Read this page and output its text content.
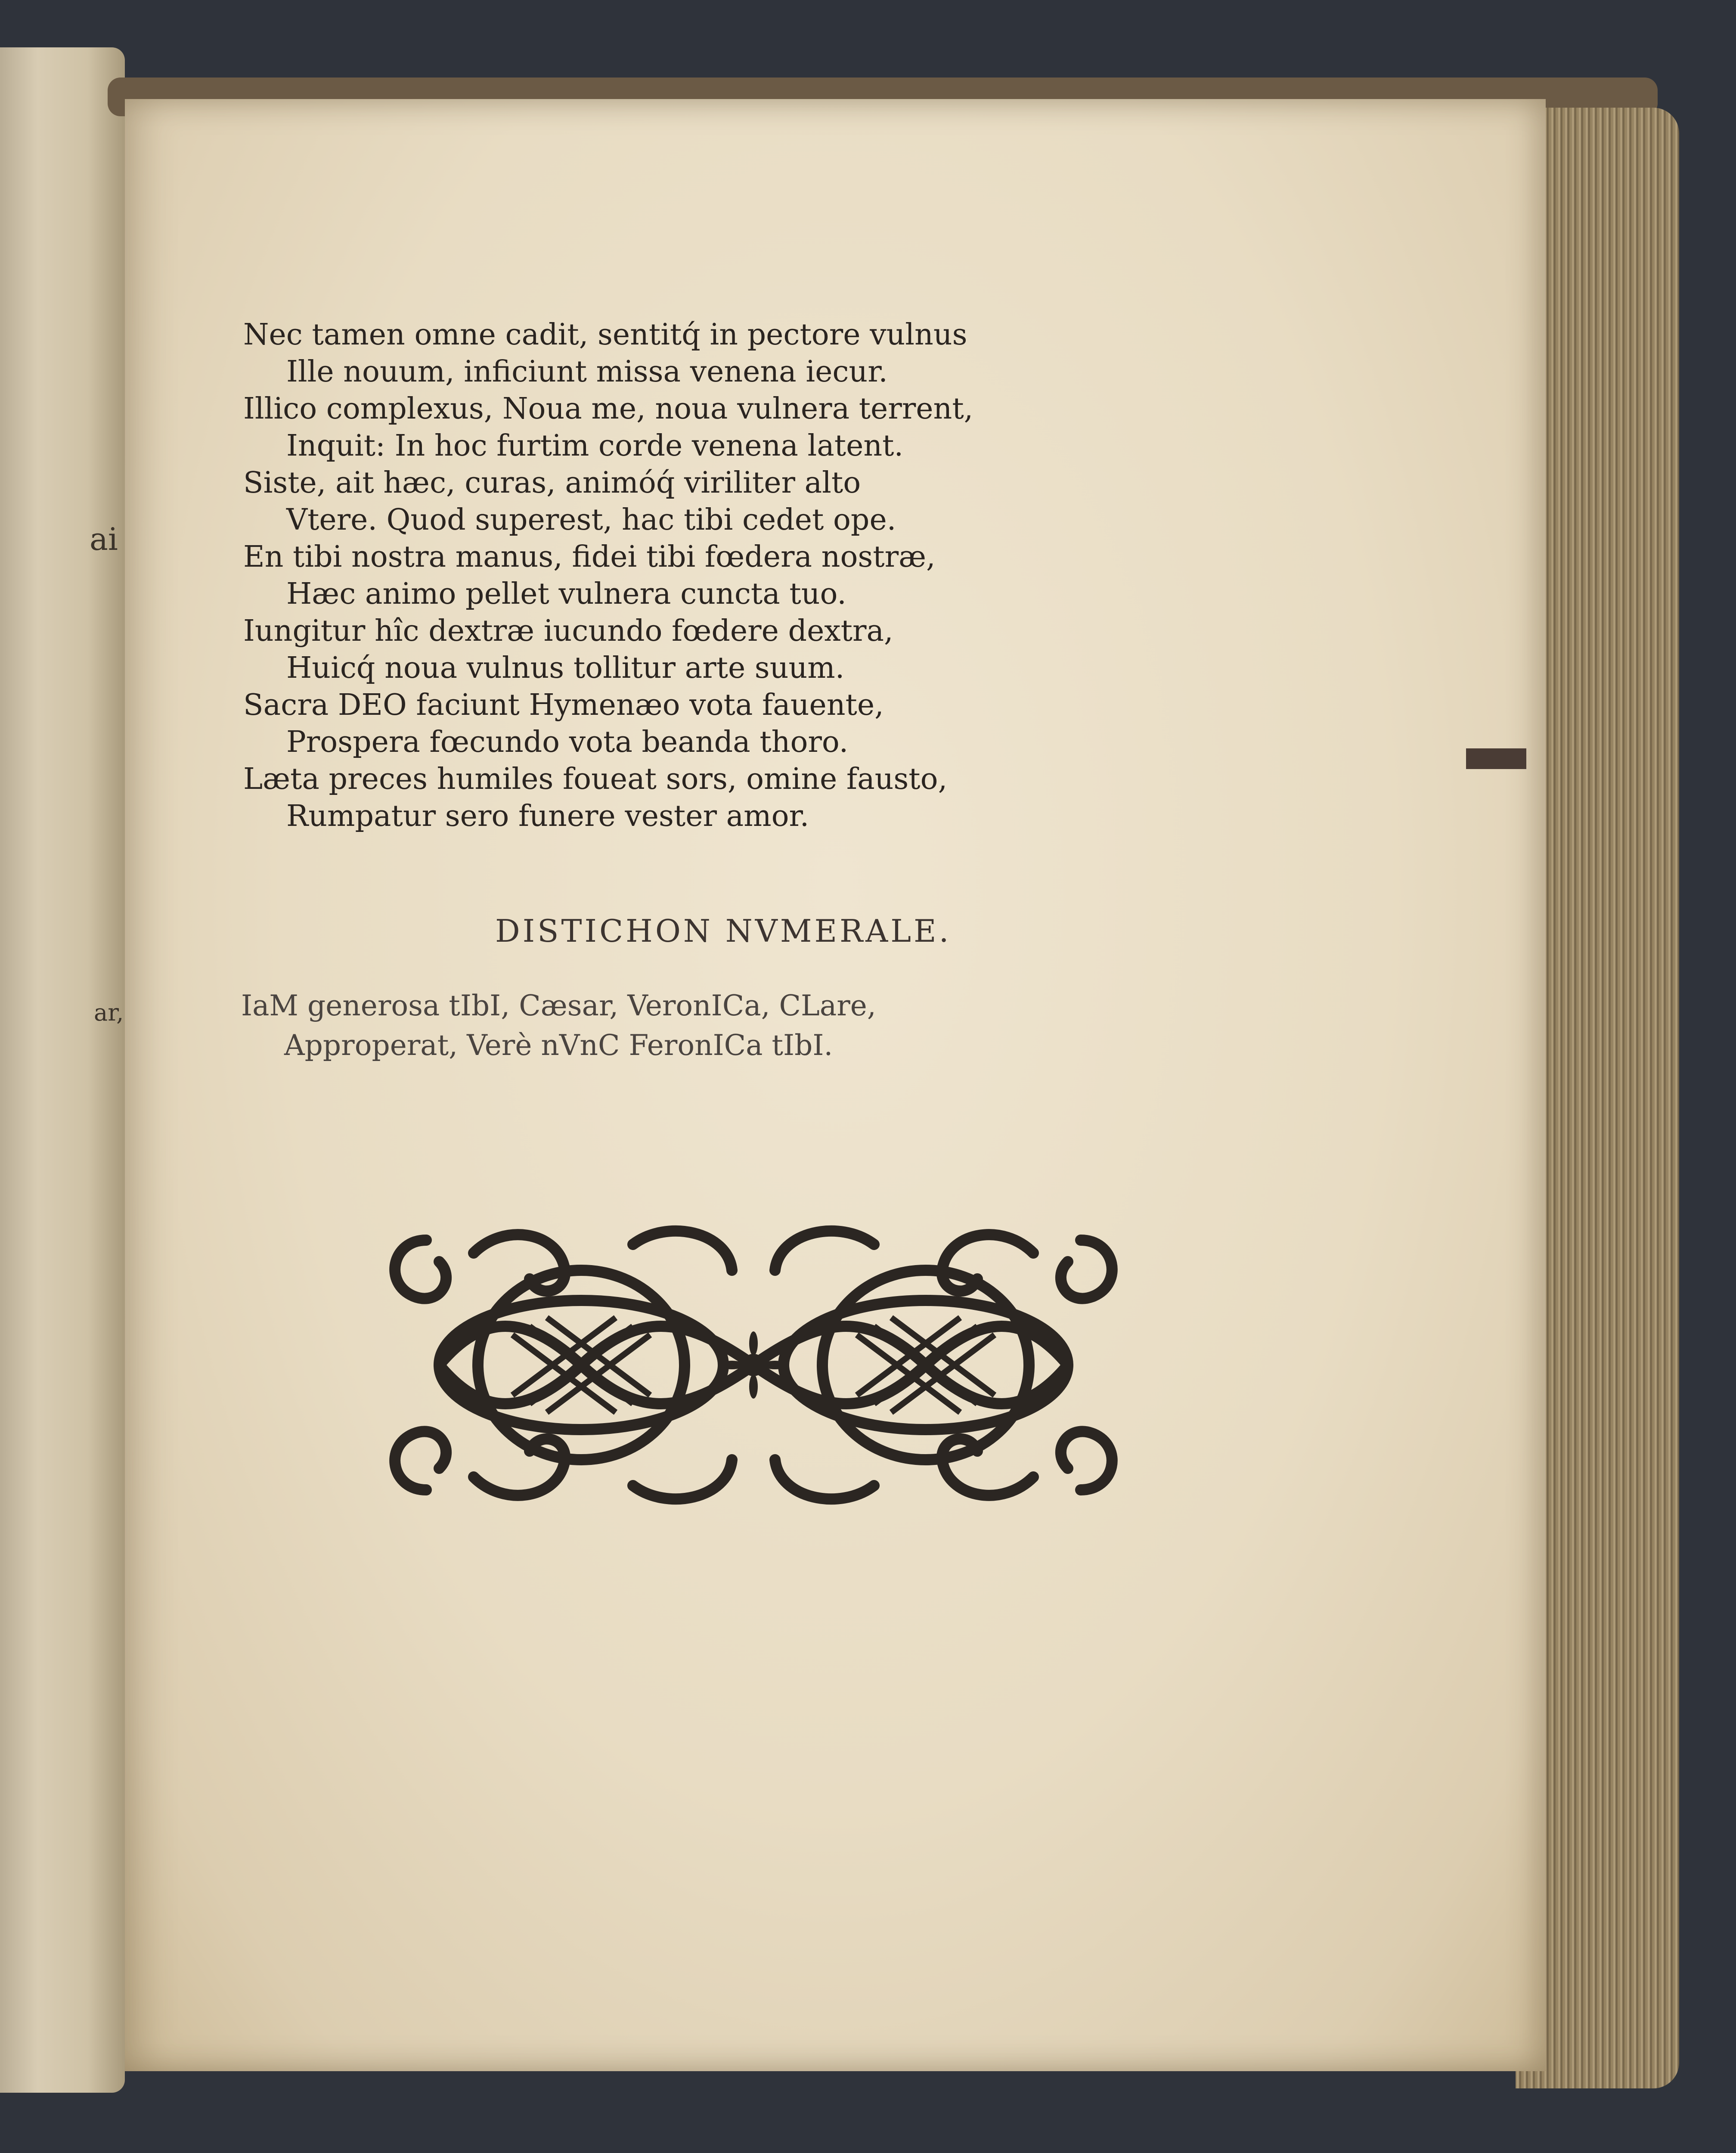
ai
ar,
Nec tamen omne cadit, sentitq́ in pectore vulnus
Ille nouum, inficiunt missa venena iecur.
Illico complexus, Noua me, noua vulnera terrent,
Inquit: In hoc furtim corde venena latent.
Siste, ait hæc, curas, animóq́ viriliter alto
Vtere. Quod superest, hac tibi cedet ope.
En tibi nostra manus, fidei tibi fœdera nostræ,
Hæc animo pellet vulnera cuncta tuo.
Iungitur hîc dextræ iucundo fœdere dextra,
Huicq́ noua vulnus tollitur arte suum.
Sacra DEO faciunt Hymenæo vota fauente,
Prospera fœcundo vota beanda thoro.
Læta preces humiles foueat sors, omine fausto,
Rumpatur sero funere vester amor.
DISTICHON NVMERALE.
IaM generosa tIbI, Cæsar, VeronICa, CLare,
Approperat, Verè nVnC FeronICa tIbI.
